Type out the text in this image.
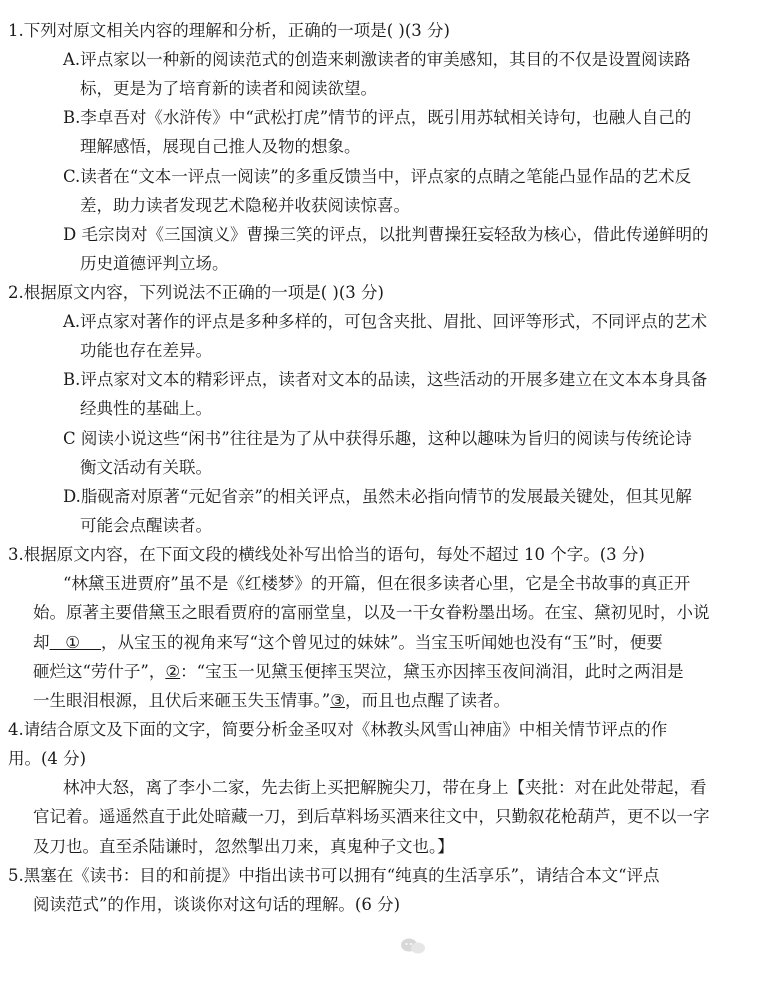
1.下列对原文相关内容的理解和分析，正确的一项是( )(3 分)
A.评点家以一种新的阅读范式的创造来刺激读者的审美感知，其目的不仅是设置阅读路
标，更是为了培育新的读者和阅读欲望。
B.李卓吾对《水浒传》中“武松打虎”情节的评点，既引用苏轼相关诗句，也融人自己的
理解感悟，展现自己推人及物的想象。
C.读者在“文本一评点一阅读”的多重反馈当中，评点家的点睛之笔能凸显作品的艺术反
差，助力读者发现艺术隐秘并收获阅读惊喜。
D 毛宗岗对《三国演义》曹操三笑的评点，以批判曹操狂妄轻敌为核心，借此传递鲜明的
历史道德评判立场。
2.根据原文内容，下列说法不正确的一项是( )(3 分)
A.评点家对著作的评点是多种多样的，可包含夹批、眉批、回评等形式，不同评点的艺术
功能也存在差异。
B.评点家对文本的精彩评点，读者对文本的品读，这些活动的开展多建立在文本本身具备
经典性的基础上。
C 阅读小说这些“闲书”往往是为了从中获得乐趣，这种以趣味为旨归的阅读与传统论诗
衡文活动有关联。
D.脂砚斋对原著“元妃省亲”的相关评点，虽然未必指向情节的发展最关键处，但其见解
可能会点醒读者。
3.根据原文内容，在下面文段的横线处补写出恰当的语句，每处不超过 10 个字。(3 分)
“林黛玉进贾府”虽不是《红楼梦》的开篇，但在很多读者心里，它是全书故事的真正开
始。原著主要借黛玉之眼看贾府的富丽堂皇，以及一干女眷粉墨出场。在宝、黛初见时，小说
却   ①    ，从宝玉的视角来写“这个曾见过的妹妹”。当宝玉听闻她也没有“玉”时，便要
砸烂这“劳什子”，②：“宝玉一见黛玉便摔玉哭泣，黛玉亦因摔玉夜间淌泪，此时之两泪是
一生眼泪根源，且伏后来砸玉失玉情事。”③，而且也点醒了读者。
4.请结合原文及下面的文字，简要分析金圣叹对《林教头风雪山神庙》中相关情节评点的作
用。(4 分)
林冲大怒，离了李小二家，先去街上买把解腕尖刀，带在身上【夹批：对在此处带起，看
官记着。遥遥然直于此处暗藏一刀，到后草料场买酒来往文中，只勤叙花枪葫芦，更不以一字
及刀也。直至杀陆谦时，忽然掣出刀来，真鬼种子文也。】
5.黑塞在《读书：目的和前提》中指出读书可以拥有“纯真的生活享乐”，请结合本文“评点
阅读范式”的作用，谈谈你对这句话的理解。(6 分)
